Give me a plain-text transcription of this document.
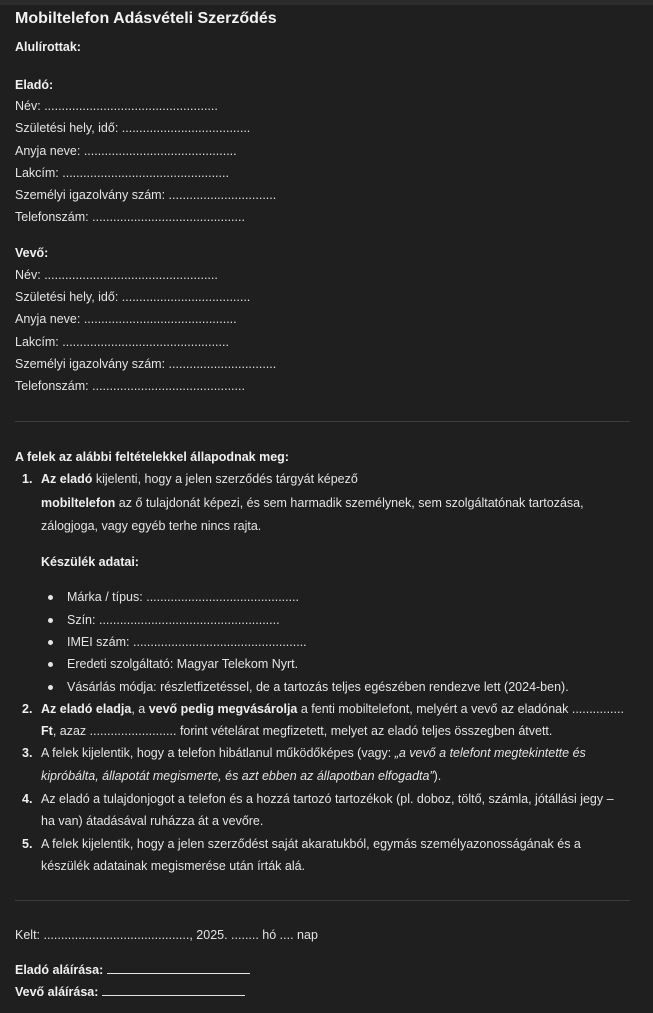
Mobiltelefon Adásvételi Szerződés
Alulírottak:
Eladó:
Név: ..................................................
Születési hely, idő: .....................................
Anyja neve: ............................................
Lakcím: ................................................
Személyi igazolvány szám: ...............................
Telefonszám: ............................................
Vevő:
Név: ..................................................
Születési hely, idő: .....................................
Anyja neve: ............................................
Lakcím: ................................................
Személyi igazolvány szám: ...............................
Telefonszám: ............................................
A felek az alábbi feltételekkel állapodnak meg:
1. Az eladó kijelenti, hogy a jelen szerződés tárgyát képező
mobiltelefon az ő tulajdonát képezi, és sem harmadik személynek, sem szolgáltatónak tartozása,
zálogjoga, vagy egyéb terhe nincs rajta.
Készülék adatai:
Márka / típus: ............................................
Szín: ....................................................
IMEI szám: ..................................................
Eredeti szolgáltató: Magyar Telekom Nyrt.
Vásárlás módja: részletfizetéssel, de a tartozás teljes egészében rendezve lett (2024-ben).
2. Az eladó eladja, a vevő pedig megvásárolja a fenti mobiltelefont, melyért a vevő az eladónak ...............
Ft, azaz ......................... forint vételárat megfizetett, melyet az eladó teljes összegben átvett.
3. A felek kijelentik, hogy a telefon hibátlanul működőképes (vagy: „a vevő a telefont megtekintette és
kipróbálta, állapotát megismerte, és azt ebben az állapotban elfogadta”).
4. Az eladó a tulajdonjogot a telefon és a hozzá tartozó tartozékok (pl. doboz, töltő, számla, jótállási jegy –
ha van) átadásával ruházza át a vevőre.
5. A felek kijelentik, hogy a jelen szerződést saját akaratukból, egymás személyazonosságának és a
készülék adatainak megismerése után írták alá.
Kelt: .........................................., 2025. ........ hó .... nap
Eladó aláírása:
Vevő aláírása:
